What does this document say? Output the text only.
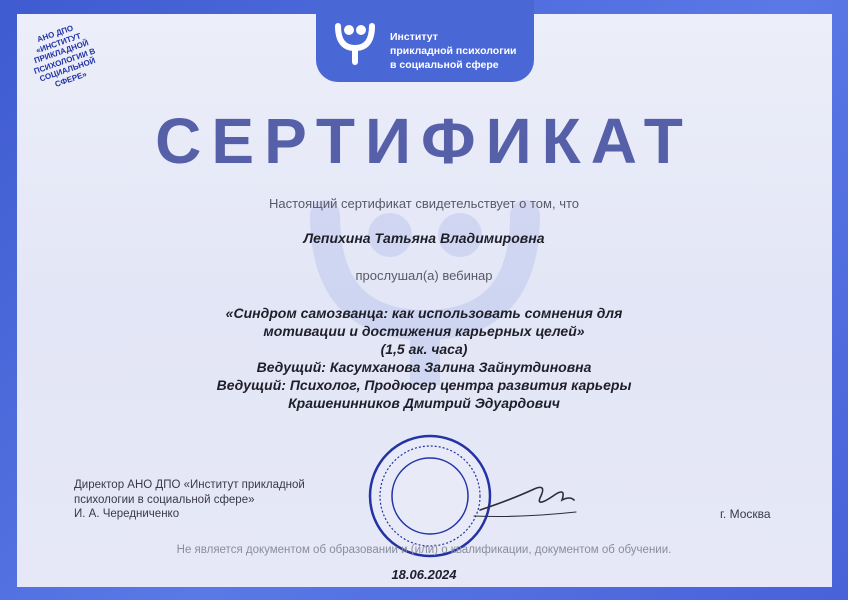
Институт
прикладной психологии
в социальной сфере
СЕРТИФИКАТ
Настоящий сертификат свидетельствует о том, что
Лепихина Татьяна Владимировна
прослушал(а) вебинар
«Синдром самозванца: как использовать сомнения для
мотивации и достижения карьерных целей»
(1,5 ак. часа)
Ведущий: Касумханова Залина Зайнутдиновна
Ведущий: Психолог, Продюсер центра развития карьеры
Крашенинников Дмитрий Эдуардович
Директор АНО ДПО «Институт прикладной
психологии в социальной сфере»
И. А. Чередниченко
АНО ДПО
«ИНСТИТУТ
ПРИКЛАДНОЙ
ПСИХОЛОГИИ В
СОЦИАЛЬНОЙ
СФЕРЕ»
г. Москва
Не является документом об образовании и (или) о квалификации, документом об обучении.
18.06.2024
